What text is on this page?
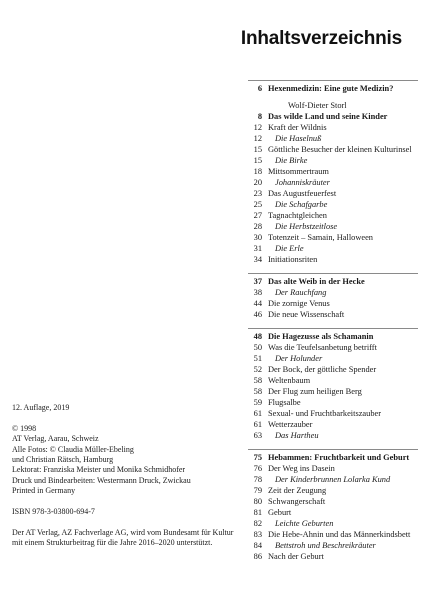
Inhaltsverzeichnis
6 Hexenmedizin: Eine gute Medizin?
Wolf-Dieter Storl
8 Das wilde Land und seine Kinder
12 Kraft der Wildnis
12	Die Haselnuß
15 Göttliche Besucher der kleinen Kulturinsel
15	Die Birke
18 Mittsommertraum
20	Johanniskräuter
23 Das Augustfeuerfest
25	Die Schafgarbe
27 Tagnachtgleichen
28	Die Herbstzeitlose
30 Totenzeit – Samain, Halloween
31	Die Erle
34 Initiationsriten
37 Das alte Weib in der Hecke
38	Der Rauchfang
44 Die zornige Venus
46 Die neue Wissenschaft
48 Die Hagezusse als Schamanin
50 Was die Teufelsanbetung betrifft
51	Der Holunder
52 Der Bock, der göttliche Spender
58 Weltenbaum
58 Der Flug zum heiligen Berg
59 Flugsalbe
61 Sexual- und Fruchtbarkeitszauber
61 Wetterzauber
63	Das Hartheu
75 Hebammen: Fruchtbarkeit und Geburt
76 Der Weg ins Dasein
78	Der Kinderbrunnen Lolarka Kund
79 Zeit der Zeugung
80 Schwangerschaft
81 Geburt
82	Leichte Geburten
83 Die Hebe-Ahnin und das Männerkindsbett
84	Bettstroh und Beschreikräuter
86 Nach der Geburt
12. Auflage, 2019
© 1998
AT Verlag, Aarau, Schweiz
Alle Fotos: © Claudia Müller-Ebeling
und Christian Rätsch, Hamburg
Lektorat: Franziska Meister und Monika Schmidhofer
Druck und Bindearbeiten: Westermann Druck, Zwickau
Printed in Germany
ISBN 978-3-03800-694-7
Der AT Verlag, AZ Fachverlage AG, wird vom Bundesamt für Kultur mit einem Strukturbeitrag für die Jahre 2016–2020 unterstützt.
